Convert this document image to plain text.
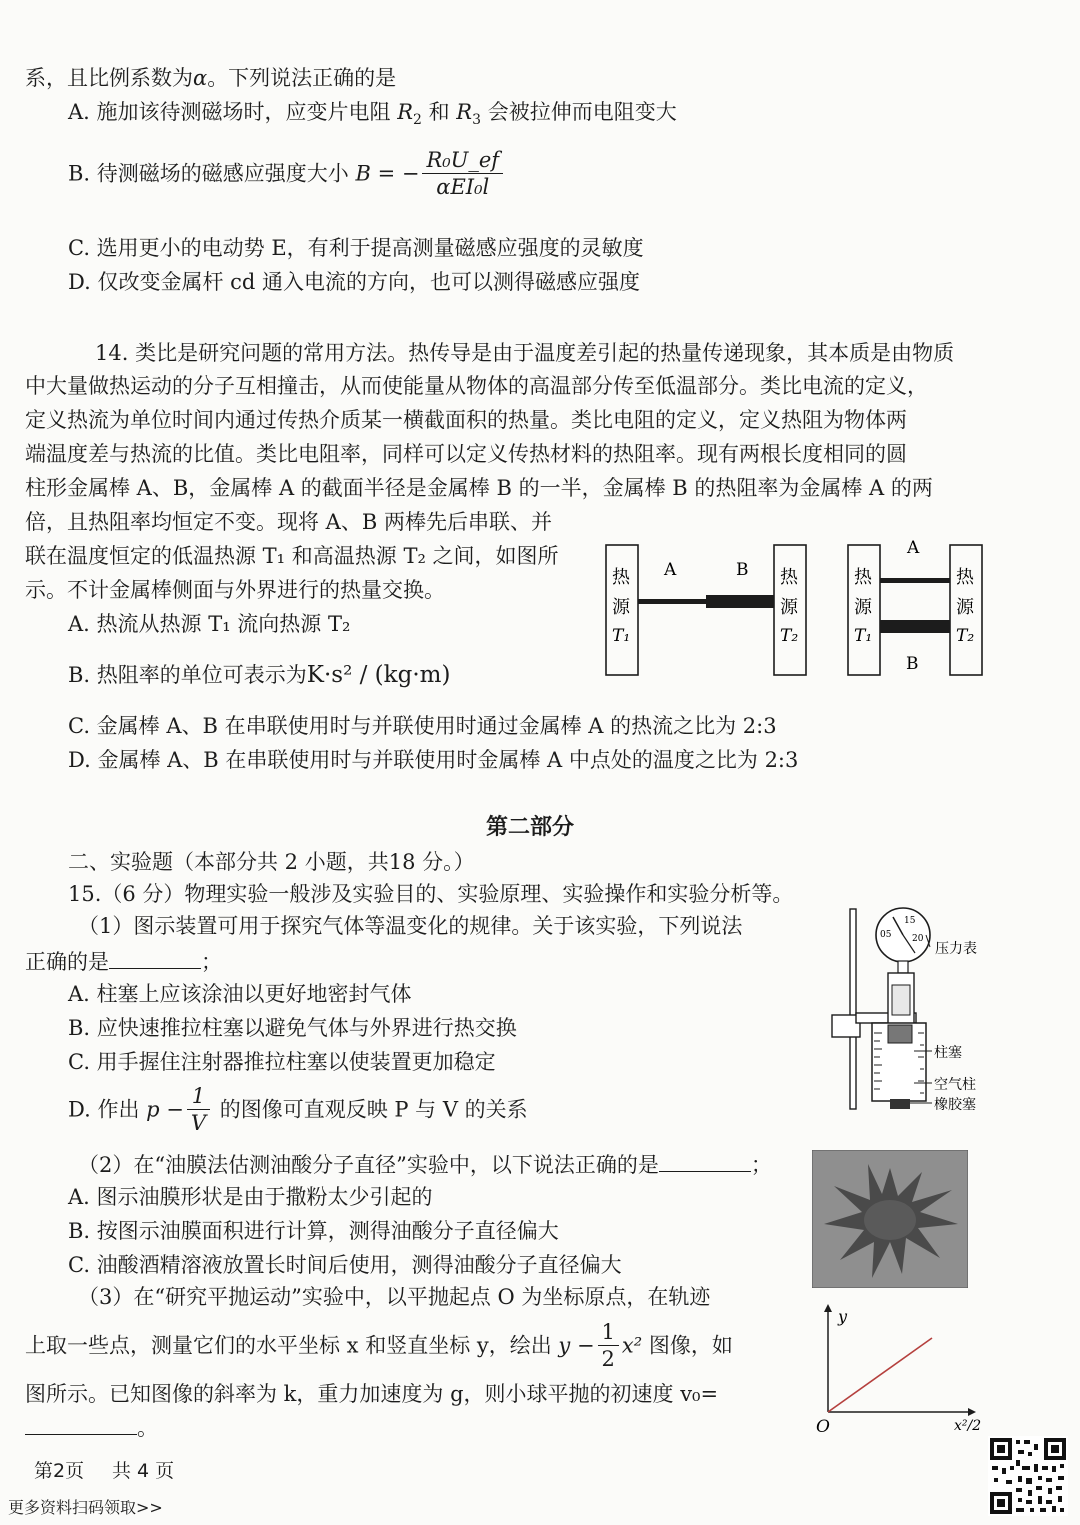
系，且比例系数为α。下列说法正确的是
A. 施加该待测磁场时，应变片电阻 $R_2$ 和 $R_3$ 会被拉伸而电阻变大
B. 待测磁场的磁感应强度大小 B = − $\frac{\text{R₀U\_ef}}{\text{αEI₀l}}$
C. 选用更小的电动势 E，有利于提高测量磁感应强度的灵敏度
D. 仅改变金属杆 cd 通入电流的方向，也可以测得磁感应强度
14. 类比是研究问题的常用方法。热传导是由于温度差引起的热量传递现象，其本质是由物质
中大量做热运动的分子互相撞击，从而使能量从物体的高温部分传至低温部分。类比电流的定义，
定义热流为单位时间内通过传热介质某一横截面积的热量。类比电阻的定义，定义热阻为物体两
端温度差与热流的比值。类比电阻率，同样可以定义传热材料的热阻率。现有两根长度相同的圆
柱形金属棒 A、B，金属棒 A 的截面半径是金属棒 B 的一半，金属棒 B 的热阻率为金属棒 A 的两
倍，且热阻率均恒定不变。现将 A、B 两棒先后串联、并
联在温度恒定的低温热源 T₁ 和高温热源 T₂ 之间，如图所
示。不计金属棒侧面与外界进行的热量交换。
A. 热流从热源 T₁ 流向热源 T₂
B. 热阻率的单位可表示为K·s² / (kg·m)
C. 金属棒 A、B 在串联使用时与并联使用时通过金属棒 A 的热流之比为 2:3
D. 金属棒 A、B 在串联使用时与并联使用时金属棒 A 中点处的温度之比为 2:3
A	B
热
源
T₁
热
源
T₂
A
B
热
源
T₁
热
源
T₂
第二部分
二、实验题（本部分共 2 小题，共18 分。）
15.（6 分）物理实验一般涉及实验目的、实验原理、实验操作和实验分析等。
（1）图示装置可用于探究气体等温变化的规律。关于该实验，下列说法
正确的是	；
A. 柱塞上应该涂油以更好地密封气体
B. 应快速推拉柱塞以避免气体与外界进行热交换
C. 用手握住注射器推拉柱塞以使装置更加稳定
D. 作出 $p - \frac{1}{V}$ 的图像可直观反映 P 与 V 的关系
05
15
20
压力表
柱塞
空气柱
橡胶塞
（2）在“油膜法估测油酸分子直径”实验中，以下说法正确的是	；
A. 图示油膜形状是由于撒粉太少引起的
B. 按图示油膜面积进行计算，测得油酸分子直径偏大
C. 油酸酒精溶液放置长时间后使用，测得油酸分子直径偏大
（3）在“研究平抛运动”实验中，以平抛起点 O 为坐标原点，在轨迹
上取一些点，测量它们的水平坐标 x 和竖直坐标 y，绘出 $y - \frac{1}{2} x^2$ 图像，如
图所示。已知图像的斜率为 k，重力加速度为 g，则小球平抛的初速度 v₀=
。
y
O	x²/2
第2页 共 4 页
更多资料扫码领取>>
